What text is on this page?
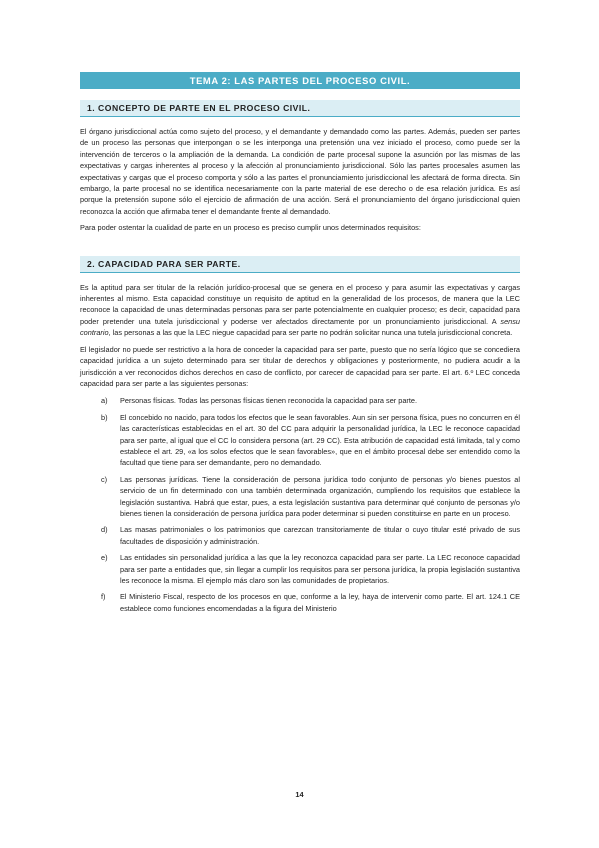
TEMA 2: LAS PARTES DEL PROCESO CIVIL.
1. CONCEPTO DE PARTE EN EL PROCESO CIVIL.

El órgano jurisdiccional actúa como sujeto del proceso, y el demandante y demandado como las partes. Además, pueden ser partes de un proceso las personas que interpongan o se les interponga una pretensión una vez iniciado el proceso, como puede ser la intervención de terceros o la ampliación de la demanda. La condición de parte procesal supone la asunción por las mismas de las expectativas y cargas inherentes al proceso y la afección al pronunciamiento jurisdiccional. Sólo las partes procesales asumen las expectativas y cargas que el proceso comporta y sólo a las partes el pronunciamiento jurisdiccional les afectará de forma directa. Sin embargo, la parte procesal no se identifica necesariamente con la parte material de ese derecho o de esa relación jurídica. Es así porque la pretensión supone sólo el ejercicio de afirmación de una acción. Será el pronunciamiento del órgano jurisdiccional quien reconozca la acción que afirmaba tener el demandante frente al demandado.

Para poder ostentar la cualidad de parte en un proceso es preciso cumplir unos determinados requisitos:

2. CAPACIDAD PARA SER PARTE.

Es la aptitud para ser titular de la relación jurídico-procesal que se genera en el proceso y para asumir las expectativas y cargas inherentes al mismo. Esta capacidad constituye un requisito de aptitud en la generalidad de los procesos, de manera que la LEC reconoce la capacidad de unas determinadas personas para ser parte potencialmente en cualquier proceso; es decir, capacidad para poder pretender una tutela jurisdiccional y poderse ver afectados directamente por un pronunciamiento jurisdiccional. A sensu contrario, las personas a las que la LEC niegue capacidad para ser parte no podrán solicitar nunca una tutela jurisdiccional concreta.

El legislador no puede ser restrictivo a la hora de conceder la capacidad para ser parte, puesto que no sería lógico que se concediera capacidad jurídica a un sujeto determinado para ser titular de derechos y obligaciones y posteriormente, no pudiera acudir a la jurisdicción a ver reconocidos dichos derechos en caso de conflicto, por carecer de capacidad para ser parte. El art. 6.º LEC conceda capacidad para ser parte a las siguientes personas:

a) Personas físicas. Todas las personas físicas tienen reconocida la capacidad para ser parte.
b) El concebido no nacido, para todos los efectos que le sean favorables. Aun sin ser persona física, pues no concurren en él las características establecidas en el art. 30 del CC para adquirir la personalidad jurídica, la LEC le reconoce capacidad para ser parte, al igual que el CC lo considera persona (art. 29 CC). Esta atribución de capacidad está limitada, tal y como establece el art. 29, «a los solos efectos que le sean favorables», que en el ámbito procesal debe ser entendido como la facultad que tiene para ser demandante, pero no demandado.
c) Las personas jurídicas. Tiene la consideración de persona jurídica todo conjunto de personas y/o bienes puestos al servicio de un fin determinado con una también determinada organización, cumpliendo los requisitos que establece la legislación sustantiva. Habrá que estar, pues, a esta legislación sustantiva para determinar qué conjunto de personas y/o bienes tienen la consideración de persona jurídica para poder determinar si pueden constituirse en parte en un proceso.
d) Las masas patrimoniales o los patrimonios que carezcan transitoriamente de titular o cuyo titular esté privado de sus facultades de disposición y administración.
e) Las entidades sin personalidad jurídica a las que la ley reconozca capacidad para ser parte. La LEC reconoce capacidad para ser parte a entidades que, sin llegar a cumplir los requisitos para ser persona jurídica, la propia legislación sustantiva les reconoce la misma. El ejemplo más claro son las comunidades de propietarios.
f) El Ministerio Fiscal, respecto de los procesos en que, conforme a la ley, haya de intervenir como parte. El art. 124.1 CE establece como funciones encomendadas a la figura del Ministerio
14
